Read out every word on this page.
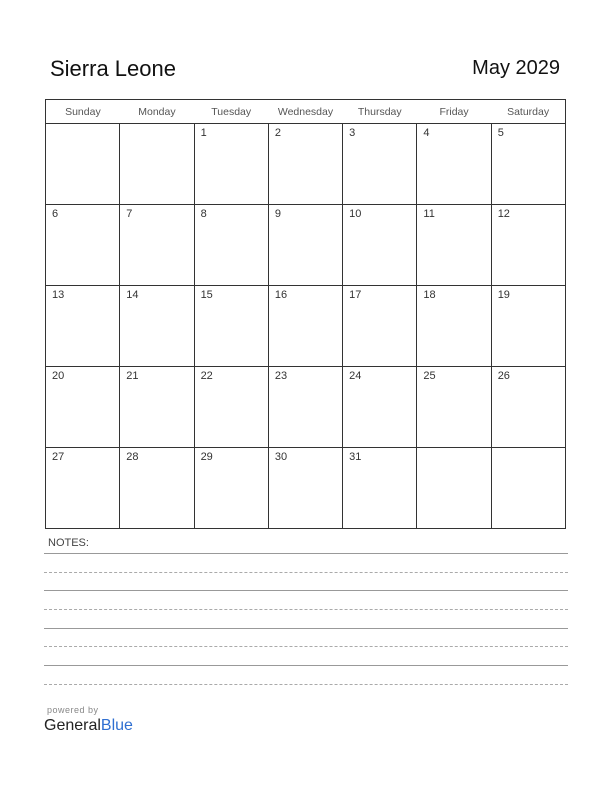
Sierra Leone	May 2029
Sunday	Monday	Tuesday	Wednesday	Thursday	Friday	Saturday
		1	2	3	4	5
6	7	8	9	10	11	12
13	14	15	16	17	18	19
20	21	22	23	24	25	26
27	28	29	30	31		
NOTES:
powered by
GeneralBlue
